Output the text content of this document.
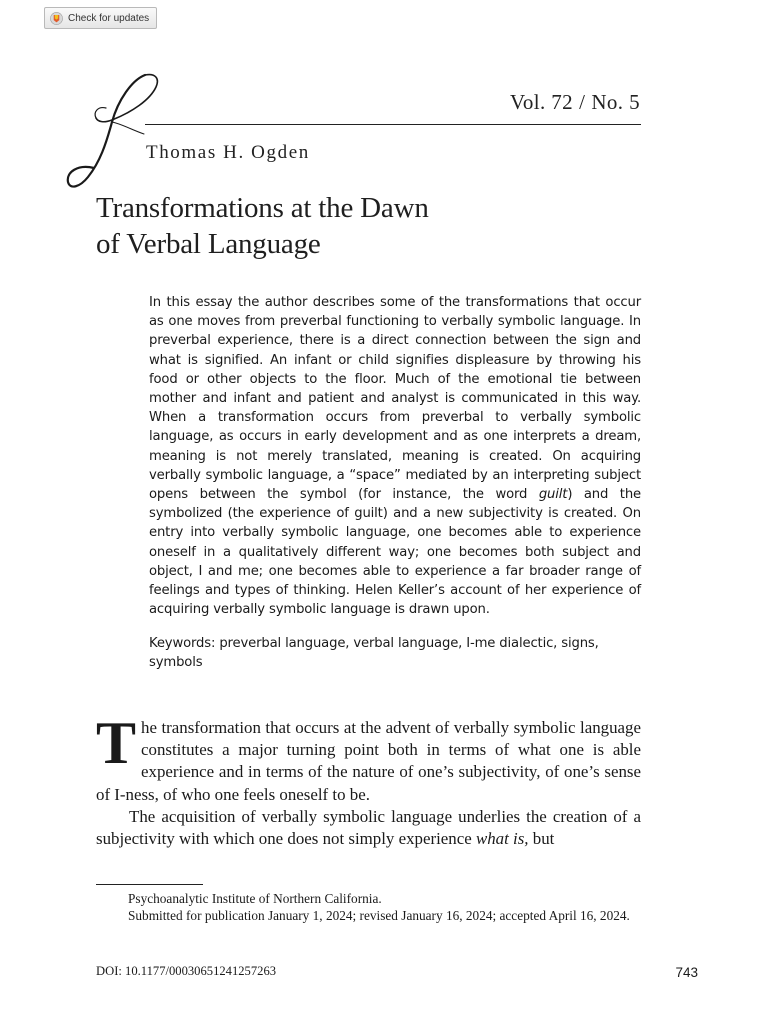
Check for updates
Vol. 72 / No. 5
Thomas H. Ogden
Transformations at the Dawn
of Verbal Language

In this essay the author describes some of the transformations that occur as one moves from preverbal functioning to verbally symbolic language. In preverbal experience, there is a direct connection between the sign and what is signified. An infant or child signifies displeasure by throwing his food or other objects to the floor. Much of the emotional tie between mother and infant and patient and analyst is communicated in this way. When a transformation occurs from preverbal to verbally symbolic language, as occurs in early development and as one interprets a dream, meaning is not merely translated, meaning is created. On acquiring verbally symbolic language, a “space” mediated by an interpreting subject opens between the symbol (for instance, the word guilt) and the symbolized (the experience of guilt) and a new subjectivity is created. On entry into verbally symbolic language, one becomes able to experience oneself in a qualitatively different way; one becomes both subject and object, I and me; one becomes able to experience a far broader range of feelings and types of thinking. Helen Keller’s account of her experience of acquiring verbally symbolic language is drawn upon.

Keywords: preverbal language, verbal language, I-me dialectic, signs, symbols

The transformation that occurs at the advent of verbally symbolic language constitutes a major turning point both in terms of what one is able experience and in terms of the nature of one’s subjectivity, of one’s sense of I-ness, of who one feels oneself to be.

The acquisition of verbally symbolic language underlies the creation of a subjectivity with which one does not simply experience what is, but

Psychoanalytic Institute of Northern California.

Submitted for publication January 1, 2024; revised January 16, 2024; accepted April 16, 2024.

DOI: 10.1177/00030651241257263	743
